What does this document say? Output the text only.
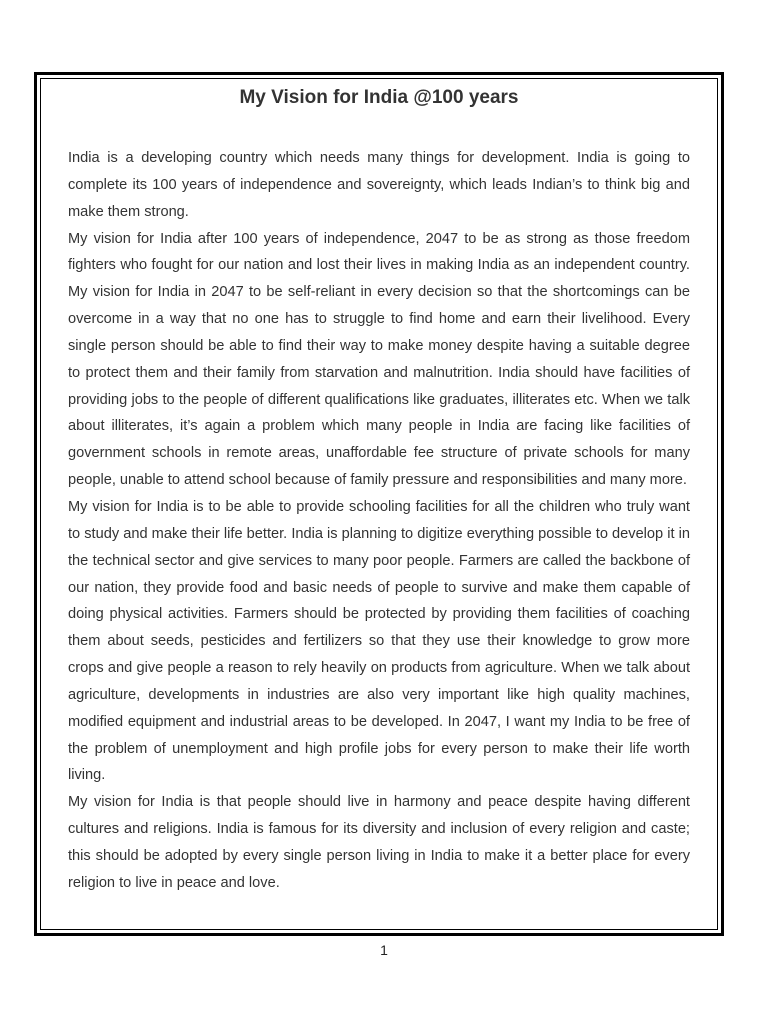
My Vision for India @100 years

India is a developing country which needs many things for development. India is going to complete its 100 years of independence and sovereignty, which leads Indian’s to think big and make them strong.

My vision for India after 100 years of independence, 2047 to be as strong as those freedom fighters who fought for our nation and lost their lives in making India as an independent country. My vision for India in 2047 to be self-reliant in every decision so that the shortcomings can be overcome in a way that no one has to struggle to find home and earn their livelihood. Every single person should be able to find their way to make money despite having a suitable degree to protect them and their family from starvation and malnutrition. India should have facilities of providing jobs to the people of different qualifications like graduates, illiterates etc. When we talk about illiterates, it’s again a problem which many people in India are facing like facilities of government schools in remote areas, unaffordable fee structure of private schools for many people, unable to attend school because of family pressure and responsibilities and many more.

My vision for India is to be able to provide schooling facilities for all the children who truly want to study and make their life better. India is planning to digitize everything possible to develop it in the technical sector and give services to many poor people. Farmers are called the backbone of our nation, they provide food and basic needs of people to survive and make them capable of doing physical activities. Farmers should be protected by providing them facilities of coaching them about seeds, pesticides and fertilizers so that they use their knowledge to grow more crops and give people a reason to rely heavily on products from agriculture. When we talk about agriculture, developments in industries are also very important like high quality machines, modified equipment and industrial areas to be developed. In 2047, I want my India to be free of the problem of unemployment and high profile jobs for every person to make their life worth living.

My vision for India is that people should live in harmony and peace despite having different cultures and religions. India is famous for its diversity and inclusion of every religion and caste; this should be adopted by every single person living in India to make it a better place for every religion to live in peace and love.

1
